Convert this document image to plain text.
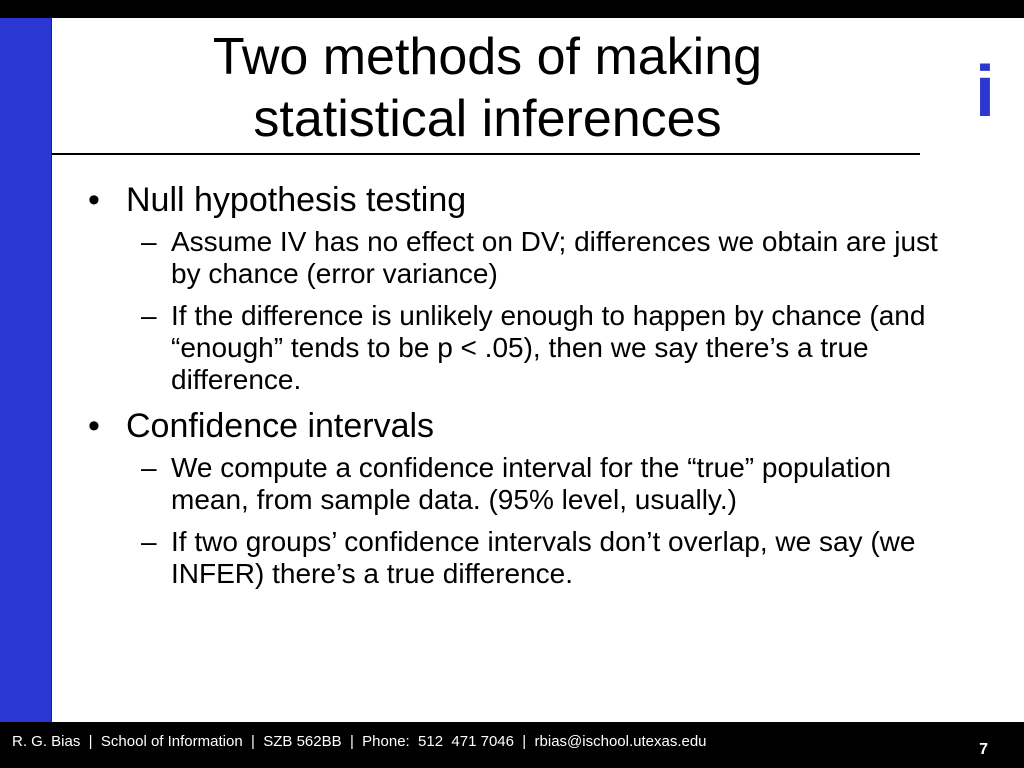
Two methods of making
statistical inferences	i
• Null hypothesis testing
– Assume IV has no effect on DV; differences we obtain are just by chance (error variance)
– If the difference is unlikely enough to happen by chance (and “enough” tends to be p < .05), then we say there’s a true difference.
• Confidence intervals
– We compute a confidence interval for the “true” population mean, from sample data. (95% level, usually.)
– If two groups’ confidence intervals don’t overlap, we say (we INFER) there’s a true difference.
R. G. Bias  |  School of Information  |  SZB 562BB  |  Phone:  512  471 7046  |  rbias@ischool.utexas.edu	7
